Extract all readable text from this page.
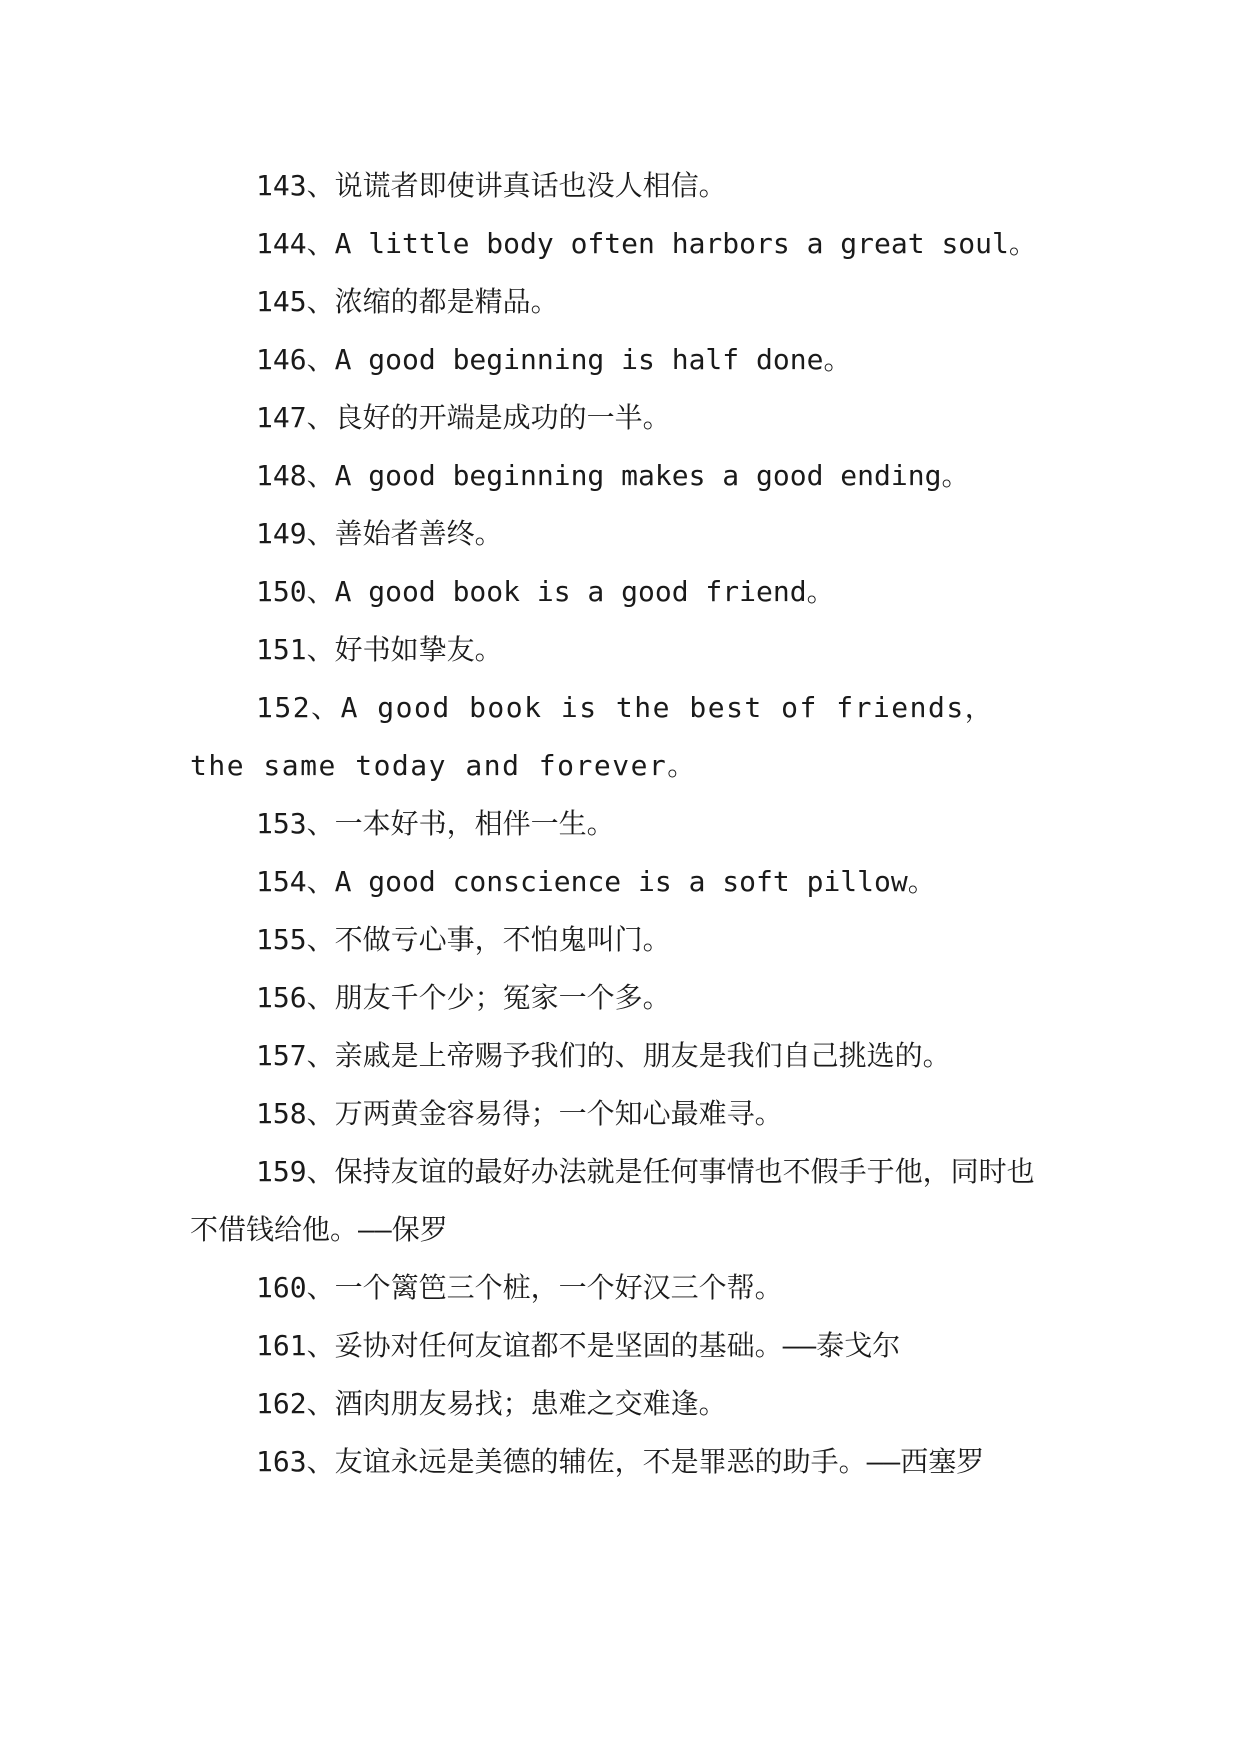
143、说谎者即使讲真话也没人相信。

144、A little body often harbors a great soul。

145、浓缩的都是精品。

146、A good beginning is half done。

147、良好的开端是成功的一半。

148、A good beginning makes a good ending。

149、善始者善终。

150、A good book is a good friend。

151、好书如挚友。

152、A good book is the best of friends， the same today and forever。

153、一本好书，相伴一生。

154、A good conscience is a soft pillow。

155、不做亏心事，不怕鬼叫门。

156、朋友千个少；冤家一个多。

157、亲戚是上帝赐予我们的、朋友是我们自己挑选的。

158、万两黄金容易得；一个知心最难寻。

159、保持友谊的最好办法就是任何事情也不假手于他，同时也不借钱给他。——保罗

160、一个篱笆三个桩，一个好汉三个帮。

161、妥协对任何友谊都不是坚固的基础。——泰戈尔

162、酒肉朋友易找；患难之交难逢。

163、友谊永远是美德的辅佐，不是罪恶的助手。——西塞罗
